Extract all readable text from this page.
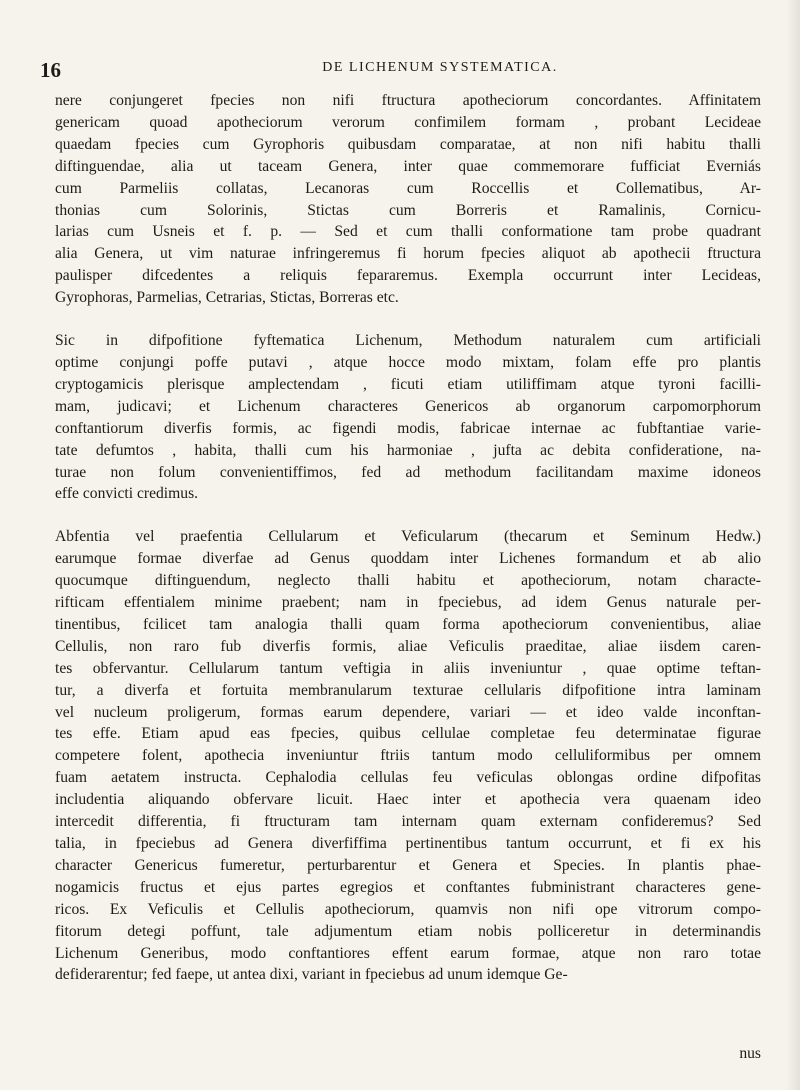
16	DE LICHENUM SYSTEMATICA.

nere conjungeret fpecies non nifi ftructura apotheciorum concordantes. Affinitatem
genericam quoad apotheciorum verorum confimilem formam , probant Lecideae
quaedam fpecies cum Gyrophoris quibusdam comparatae, at non nifi habitu thalli
diftinguendae, alia ut taceam Genera, inter quae commemorare fufficiat Everniás
cum Parmeliis collatas, Lecanoras cum Roccellis et Collematibus, Ar-
thonias cum Solorinis, Stictas cum Borreris et Ramalinis, Cornicu-
larias cum Usneis et f. p. — Sed et cum thalli conformatione tam probe quadrant
alia Genera, ut vim naturae infringeremus fi horum fpecies aliquot ab apothecii ftructura
paulisper difcedentes a reliquis fepararemus. Exempla occurrunt inter Lecideas,
Gyrophoras, Parmelias, Cetrarias, Stictas, Borreras etc.

Sic in difpofitione fyftematica Lichenum, Methodum naturalem cum artificiali
optime conjungi poffe putavi , atque hocce modo mixtam, folam effe pro plantis
cryptogamicis plerisque amplectendam , ficuti etiam utiliffimam atque tyroni facilli-
mam, judicavi; et Lichenum characteres Genericos ab organorum carpomorphorum
conftantiorum diverfis formis, ac figendi modis, fabricae internae ac fubftantiae varie-
tate defumtos , habita, thalli cum his harmoniae , jufta ac debita confideratione, na-
turae non folum convenientiffimos, fed ad methodum facilitandam maxime idoneos
effe convicti credimus.

Abfentia vel praefentia Cellularum et Veficularum (thecarum et Seminum Hedw.)
earumque formae diverfae ad Genus quoddam inter Lichenes formandum et ab alio
quocumque diftinguendum, neglecto thalli habitu et apotheciorum, notam characte-
rifticam effentialem minime praebent; nam in fpeciebus, ad idem Genus naturale per-
tinentibus, fcilicet tam analogia thalli quam forma apotheciorum convenientibus, aliae
Cellulis, non raro fub diverfis formis, aliae Veficulis praeditae, aliae iisdem caren-
tes obfervantur. Cellularum tantum veftigia in aliis inveniuntur , quae optime teftan-
tur, a diverfa et fortuita membranularum texturae cellularis difpofitione intra laminam
vel nucleum proligerum, formas earum dependere, variari — et ideo valde inconftan-
tes effe. Etiam apud eas fpecies, quibus cellulae completae feu determinatae figurae
competere folent, apothecia inveniuntur ftriis tantum modo celluliformibus per omnem
fuam aetatem instructa. Cephalodia cellulas feu veficulas oblongas ordine difpofitas
includentia aliquando obfervare licuit. Haec inter et apothecia vera quaenam ideo
intercedit differentia, fi ftructuram tam internam quam externam confideremus? Sed
talia, in fpeciebus ad Genera diverfiffima pertinentibus tantum occurrunt, et fi ex his
character Genericus fumeretur, perturbarentur et Genera et Species. In plantis phae-
nogamicis fructus et ejus partes egregios et conftantes fubministrant characteres gene-
ricos. Ex Veficulis et Cellulis apotheciorum, quamvis non nifi ope vitrorum compo-
fitorum detegi poffunt, tale adjumentum etiam nobis polliceretur in determinandis
Lichenum Generibus, modo conftantiores effent earum formae, atque non raro totae
defiderarentur; fed faepe, ut antea dixi, variant in fpeciebus ad unum idemque Ge-

nus
